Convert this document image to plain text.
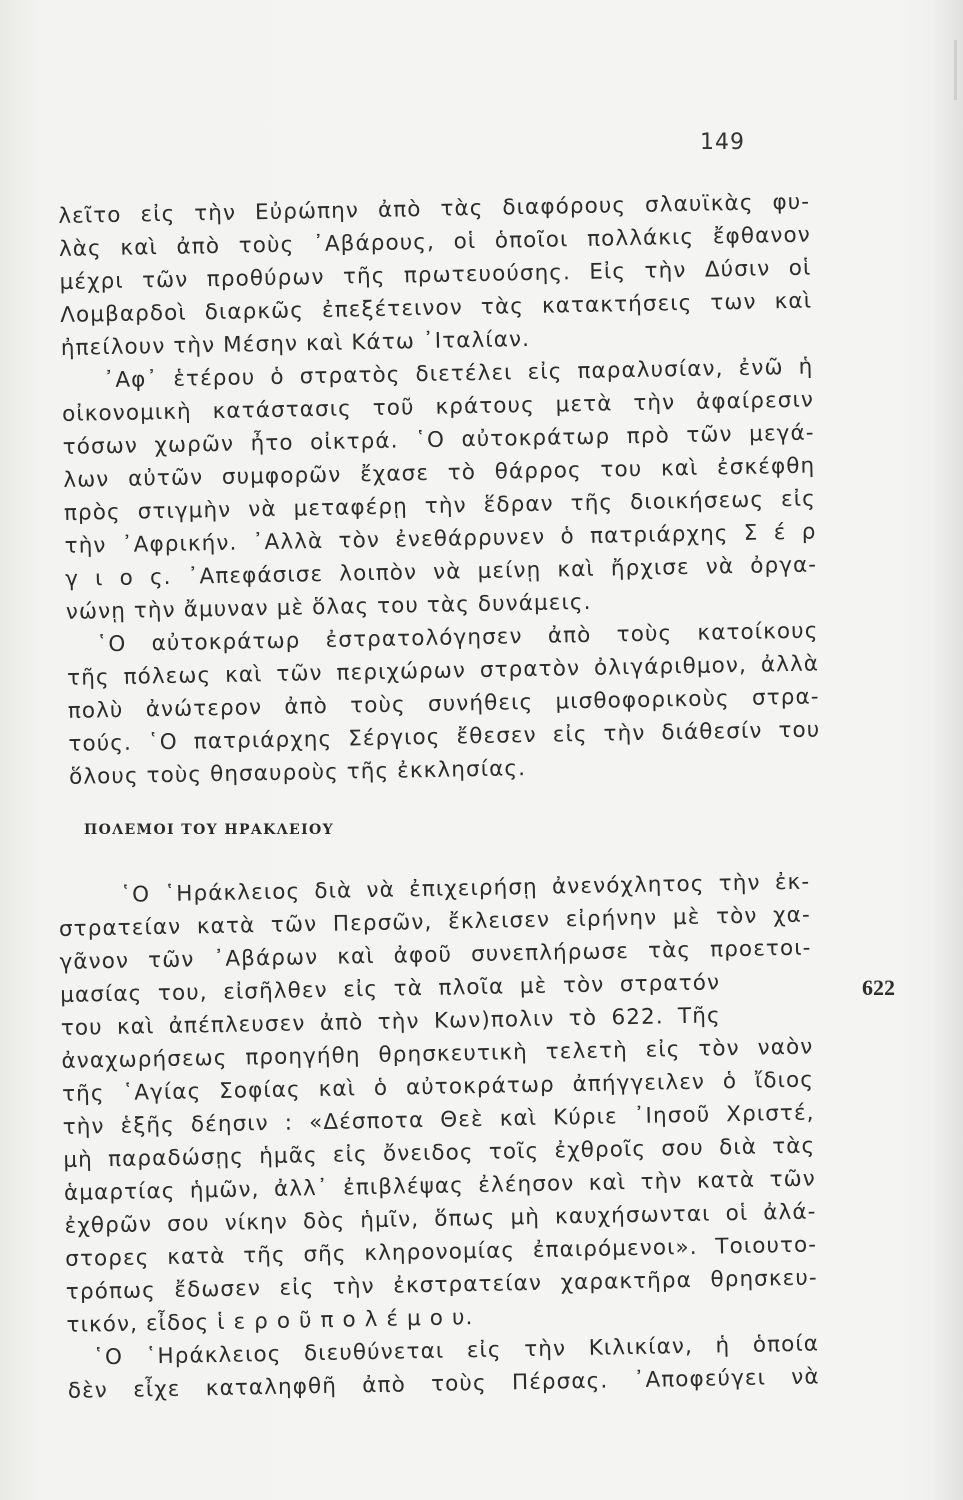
149
λεῖτο εἰς τὴν Εὐρώπην ἀπὸ τὰς διαφόρους σλαυϊκὰς φυ-
λὰς καὶ ἀπὸ τοὺς ᾿Αβάρους, οἱ ὁποῖοι πολλάκις ἔφθανον
μέχρι τῶν προθύρων τῆς πρωτευούσης. Εἰς τὴν Δύσιν οἱ
Λομβαρδοὶ διαρκῶς ἐπεξέτεινον τὰς κατακτήσεις των καὶ
ἠπείλουν τὴν Μέσην καὶ Κάτω ᾿Ιταλίαν.
᾿Αφ᾿ ἑτέρου ὁ στρατὸς διετέλει εἰς παραλυσίαν, ἐνῶ ἡ
οἰκονομικὴ κατάστασις τοῦ κράτους μετὰ τὴν ἀφαίρεσιν
τόσων χωρῶν ἦτο οἰκτρά. ῾Ο αὐτοκράτωρ πρὸ τῶν μεγά-
λων αὐτῶν συμφορῶν ἔχασε τὸ θάρρος του καὶ ἐσκέφθη
πρὸς στιγμὴν νὰ μεταφέρῃ τὴν ἕδραν τῆς διοικήσεως εἰς
τὴν ᾿Αφρικήν. ᾿Αλλὰ τὸν ἐνεθάρρυνεν ὁ πατριάρχης Σ έ ρ
γ ι ο ς. ᾿Απεφάσισε λοιπὸν νὰ μείνῃ καὶ ἤρχισε νὰ ὀργα-
νώνῃ τὴν ἄμυναν μὲ ὅλας του τὰς δυνάμεις.
῾Ο αὐτοκράτωρ ἐστρατολόγησεν ἀπὸ τοὺς κατοίκους
τῆς πόλεως καὶ τῶν περιχώρων στρατὸν ὀλιγάριθμον, ἀλλὰ
πολὺ ἀνώτερον ἀπὸ τοὺς συνήθεις μισθοφορικοὺς στρα-
τούς. ῾Ο πατριάρχης Σέργιος ἔθεσεν εἰς τὴν διάθεσίν του
ὅλους τοὺς θησαυροὺς τῆς ἐκκλησίας.
ΠΟΛΕΜΟΙ ΤΟΥ ΗΡΑΚΛΕΙΟΥ
῾Ο ῾Ηράκλειος διὰ νὰ ἐπιχειρήσῃ ἀνενόχλητος τὴν ἐκ-
στρατείαν κατὰ τῶν Περσῶν, ἔκλεισεν εἰρήνην μὲ τὸν χα-
γᾶνον τῶν ᾿Αβάρων καὶ ἀφοῦ συνεπλήρωσε τὰς προετοι-
μασίας του, εἰσῆλθεν εἰς τὰ πλοῖα μὲ τὸν στρατόν
του καὶ ἀπέπλευσεν ἀπὸ τὴν Κων)πολιν τὸ 622. Τῆς
ἀναχωρήσεως προηγήθη θρησκευτικὴ τελετὴ εἰς τὸν ναὸν
τῆς ῾Αγίας Σοφίας καὶ ὁ αὐτοκράτωρ ἀπήγγειλεν ὁ ἴδιος
τὴν ἑξῆς δέησιν : «Δέσποτα Θεὲ καὶ Κύριε ᾿Ιησοῦ Χριστέ,
μὴ παραδώσῃς ἡμᾶς εἰς ὄνειδος τοῖς ἐχθροῖς σου διὰ τὰς
ἁμαρτίας ἡμῶν, ἀλλ᾿ ἐπιβλέψας ἐλέησον καὶ τὴν κατὰ τῶν
ἐχθρῶν σου νίκην δὸς ἡμῖν, ὅπως μὴ καυχήσωνται οἱ ἀλά-
στορες κατὰ τῆς σῆς κληρονομίας ἐπαιρόμενοι». Τοιουτο-
τρόπως ἔδωσεν εἰς τὴν ἐκστρατείαν χαρακτῆρα θρησκευ-
τικόν, εἶδος ἱ ε ρ ο ῦ π ο λ έ μ ο υ.
῾Ο ῾Ηράκλειος διευθύνεται εἰς τὴν Κιλικίαν, ἡ ὁποία
δὲν εἶχε καταληφθῆ ἀπὸ τοὺς Πέρσας. ᾿Αποφεύγει νὰ
622
